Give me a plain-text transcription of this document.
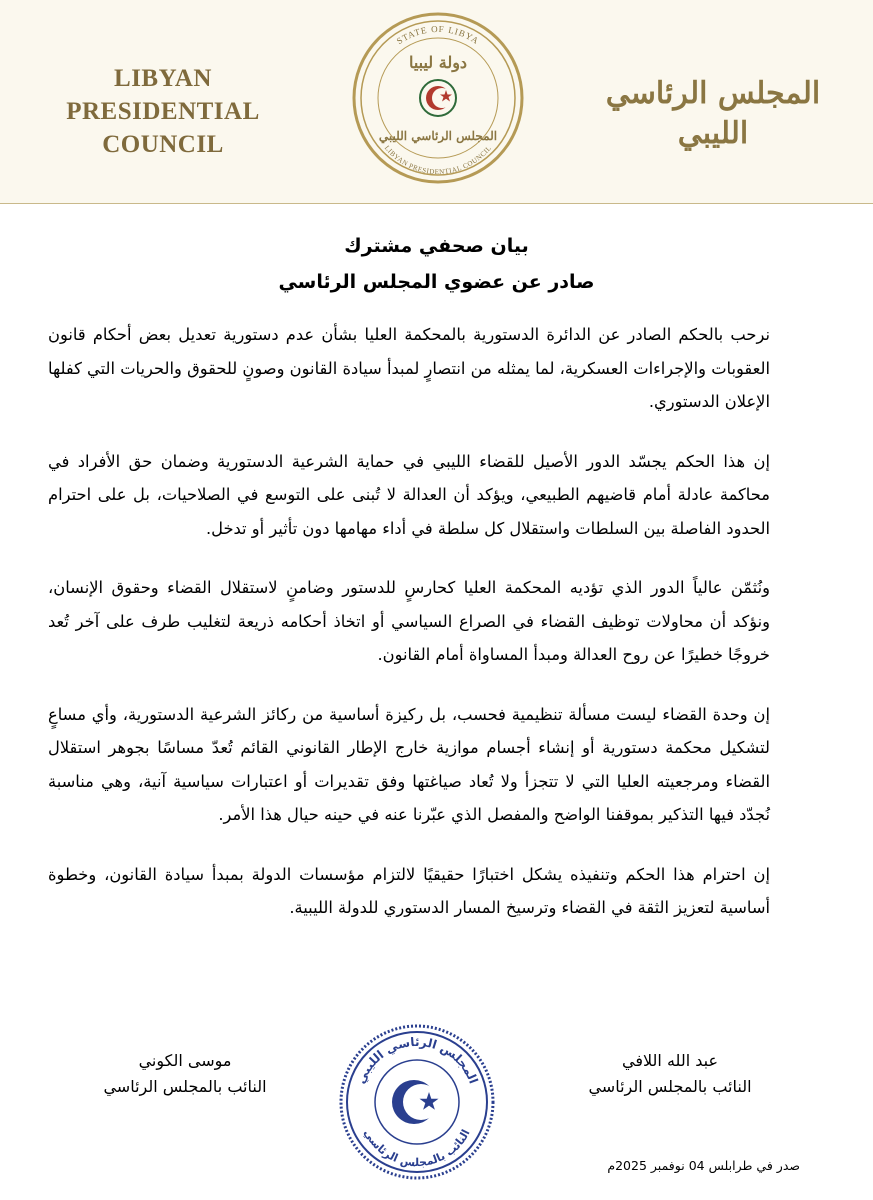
LIBYAN PRESIDENTIAL
COUNCIL
STATE OF LIBYA
LIBYAN PRESIDENTIAL COUNCIL
دولة ليبيا
المجلس الرئاسي الليبي
المجلس الرئاسي الليبي
بيان صحفي مشترك
صادر عن عضوي المجلس الرئاسي

نرحب بالحكم الصادر عن الدائرة الدستورية بالمحكمة العليا بشأن عدم دستورية تعديل بعض أحكام قانون العقوبات والإجراءات العسكرية، لما يمثله من انتصارٍ لمبدأ سيادة القانون وصونٍ للحقوق والحريات التي كفلها الإعلان الدستوري.

إن هذا الحكم يجسّد الدور الأصيل للقضاء الليبي في حماية الشرعية الدستورية وضمان حق الأفراد في محاكمة عادلة أمام قاضيهم الطبيعي، ويؤكد أن العدالة لا تُبنى على التوسع في الصلاحيات، بل على احترام الحدود الفاصلة بين السلطات واستقلال كل سلطة في أداء مهامها دون تأثير أو تدخل.

ونُثمّن عالياً الدور الذي تؤديه المحكمة العليا كحارسٍ للدستور وضامنٍ لاستقلال القضاء وحقوق الإنسان، ونؤكد أن محاولات توظيف القضاء في الصراع السياسي أو اتخاذ أحكامه ذريعة لتغليب طرف على آخر تُعد خروجًا خطيرًا عن روح العدالة ومبدأ المساواة أمام القانون.

إن وحدة القضاء ليست مسألة تنظيمية فحسب، بل ركيزة أساسية من ركائز الشرعية الدستورية، وأي مساعٍ لتشكيل محكمة دستورية أو إنشاء أجسام موازية خارج الإطار القانوني القائم تُعدّ مساسًا بجوهر استقلال القضاء ومرجعيته العليا التي لا تتجزأ ولا تُعاد صياغتها وفق تقديرات أو اعتبارات سياسية آنية، وهي مناسبة نُجدّد فيها التذكير بموقفنا الواضح والمفصل الذي عبّرنا عنه في حينه حيال هذا الأمر.

إن احترام هذا الحكم وتنفيذه يشكل اختبارًا حقيقيًا لالتزام مؤسسات الدولة بمبدأ سيادة القانون، وخطوة أساسية لتعزيز الثقة في القضاء وترسيخ المسار الدستوري للدولة الليبية.

موسى الكوني
النائب بالمجلس الرئاسي
عبد الله اللافي
النائب بالمجلس الرئاسي
المجلس الرئاسي الليبي
النائب بالمجلس الرئاسي
صدر في طرابلس 04 نوفمبر 2025م
